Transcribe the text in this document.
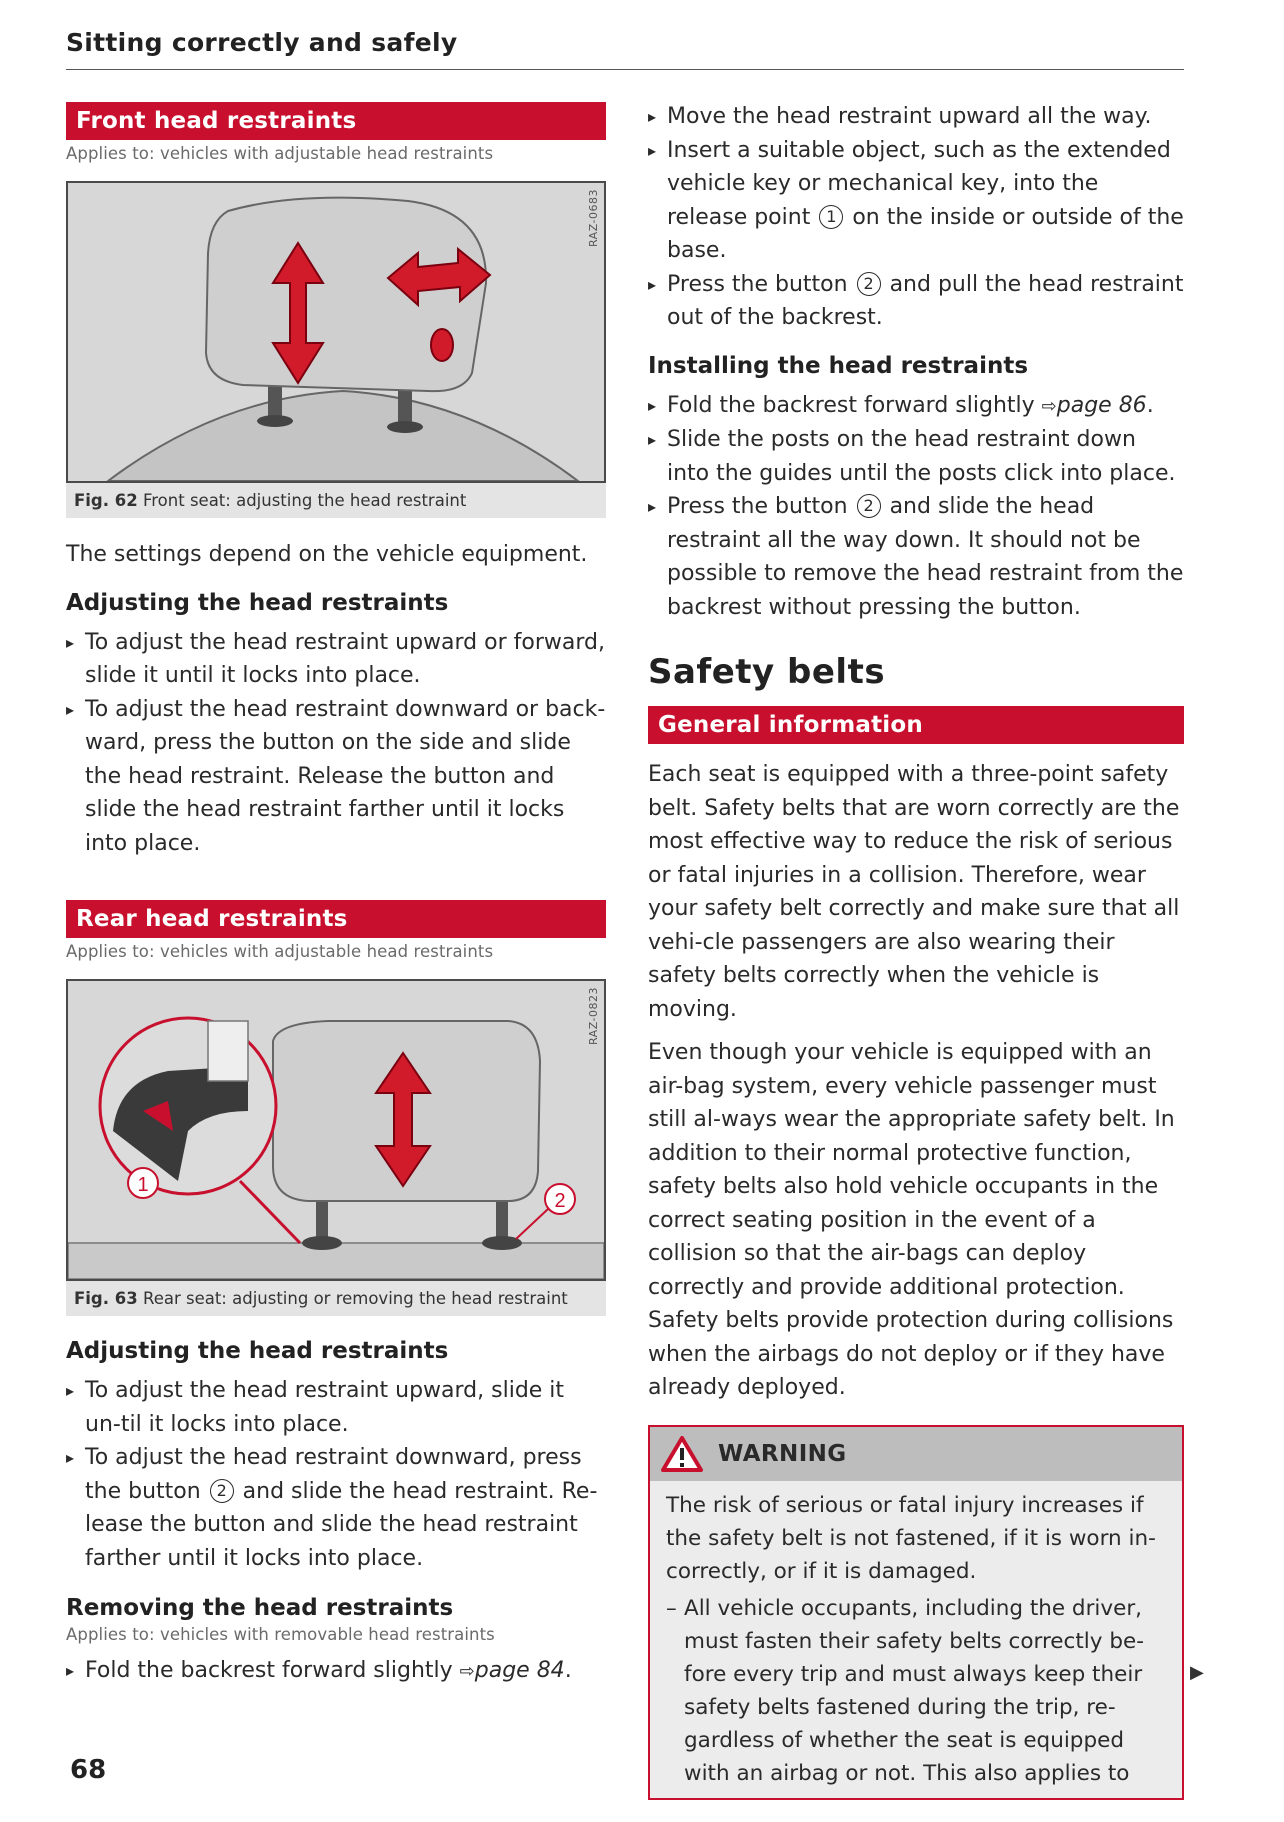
Sitting correctly and safely
Front head restraints
Applies to: vehicles with adjustable head restraints
RAZ-0683
Fig. 62 Front seat: adjusting the head restraint

The settings depend on the vehicle equipment.

Adjusting the head restraints
▸ To adjust the head restraint upward or forward, slide it until it locks into place.
▸ To adjust the head restraint downward or back-ward, press the button on the side and slide the head restraint. Release the button and slide the head restraint farther until it locks into place.
Rear head restraints
Applies to: vehicles with adjustable head restraints
1
2
RAZ-0823
Fig. 63 Rear seat: adjusting or removing the head restraint
Adjusting the head restraints
▸ To adjust the head restraint upward, slide it un-til it locks into place.
▸ To adjust the head restraint downward, press the button 2 and slide the head restraint. Re-lease the button and slide the head restraint farther until it locks into place.
Removing the head restraints
Applies to: vehicles with removable head restraints
▸ Fold the backrest forward slightly ⇨page 84.
▸ Move the head restraint upward all the way.
▸ Insert a suitable object, such as the extended vehicle key or mechanical key, into the release point 1 on the inside or outside of the base.
▸ Press the button 2 and pull the head restraint out of the backrest.
Installing the head restraints
▸ Fold the backrest forward slightly ⇨page 86.
▸ Slide the posts on the head restraint down into the guides until the posts click into place.
▸ Press the button 2 and slide the head restraint all the way down. It should not be possible to remove the head restraint from the backrest without pressing the button.
Safety belts
General information

Each seat is equipped with a three-point safety belt. Safety belts that are worn correctly are the most effective way to reduce the risk of serious or fatal injuries in a collision. Therefore, wear your safety belt correctly and make sure that all vehi-cle passengers are also wearing their safety belts correctly when the vehicle is moving.

Even though your vehicle is equipped with an air-bag system, every vehicle passenger must still al-ways wear the appropriate safety belt. In addition to their normal protective function, safety belts also hold vehicle occupants in the correct seating position in the event of a collision so that the air-bags can deploy correctly and provide additional protection. Safety belts provide protection during collisions when the airbags do not deploy or if they have already deployed.

WARNING

The risk of serious or fatal injury increases if the safety belt is not fastened, if it is worn in-correctly, or if it is damaged.

– All vehicle occupants, including the driver, must fasten their safety belts correctly be-fore every trip and must always keep their safety belts fastened during the trip, re-gardless of whether the seat is equipped with an airbag or not. This also applies to

▶
68
